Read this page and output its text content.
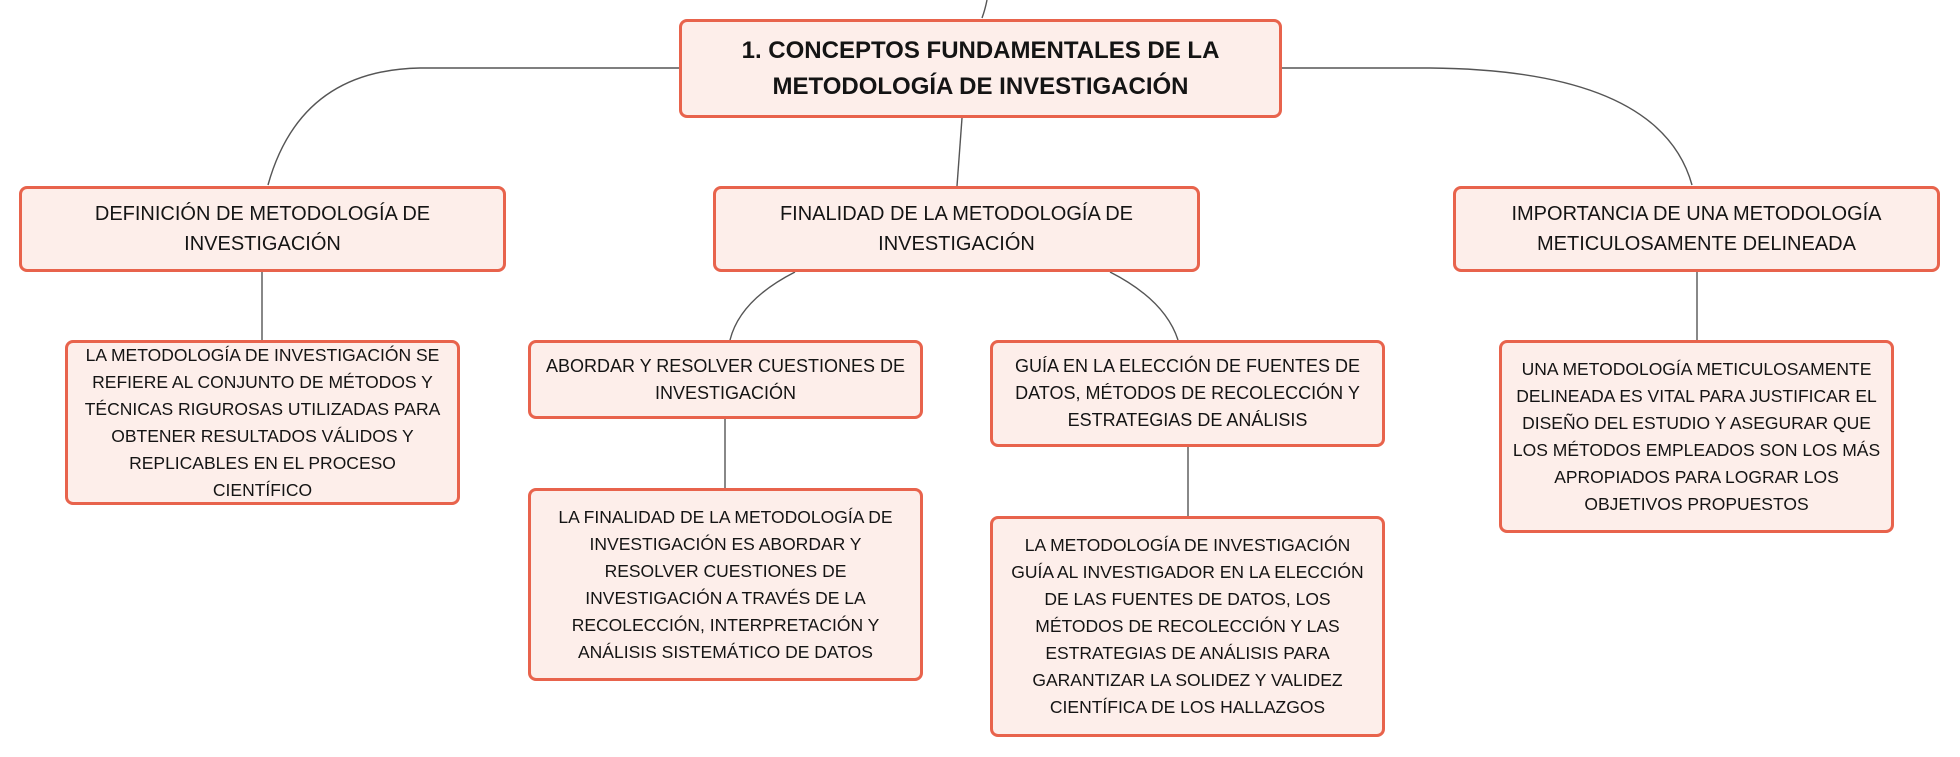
1. CONCEPTOS FUNDAMENTALES DE LA METODOLOGÍA DE INVESTIGACIÓN
DEFINICIÓN DE METODOLOGÍA DE INVESTIGACIÓN
FINALIDAD DE LA METODOLOGÍA DE INVESTIGACIÓN
IMPORTANCIA DE UNA METODOLOGÍA METICULOSAMENTE DELINEADA
LA METODOLOGÍA DE INVESTIGACIÓN SE REFIERE AL CONJUNTO DE MÉTODOS Y TÉCNICAS RIGUROSAS UTILIZADAS PARA OBTENER RESULTADOS VÁLIDOS Y REPLICABLES EN EL PROCESO CIENTÍFICO
ABORDAR Y RESOLVER CUESTIONES DE INVESTIGACIÓN
GUÍA EN LA ELECCIÓN DE FUENTES DE DATOS, MÉTODOS DE RECOLECCIÓN Y ESTRATEGIAS DE ANÁLISIS
UNA METODOLOGÍA METICULOSAMENTE DELINEADA ES VITAL PARA JUSTIFICAR EL DISEÑO DEL ESTUDIO Y ASEGURAR QUE LOS MÉTODOS EMPLEADOS SON LOS MÁS APROPIADOS PARA LOGRAR LOS OBJETIVOS PROPUESTOS
LA FINALIDAD DE LA METODOLOGÍA DE INVESTIGACIÓN ES ABORDAR Y RESOLVER CUESTIONES DE INVESTIGACIÓN A TRAVÉS DE LA RECOLECCIÓN, INTERPRETACIÓN Y ANÁLISIS SISTEMÁTICO DE DATOS
LA METODOLOGÍA DE INVESTIGACIÓN GUÍA AL INVESTIGADOR EN LA ELECCIÓN DE LAS FUENTES DE DATOS, LOS MÉTODOS DE RECOLECCIÓN Y LAS ESTRATEGIAS DE ANÁLISIS PARA GARANTIZAR LA SOLIDEZ Y VALIDEZ CIENTÍFICA DE LOS HALLAZGOS
